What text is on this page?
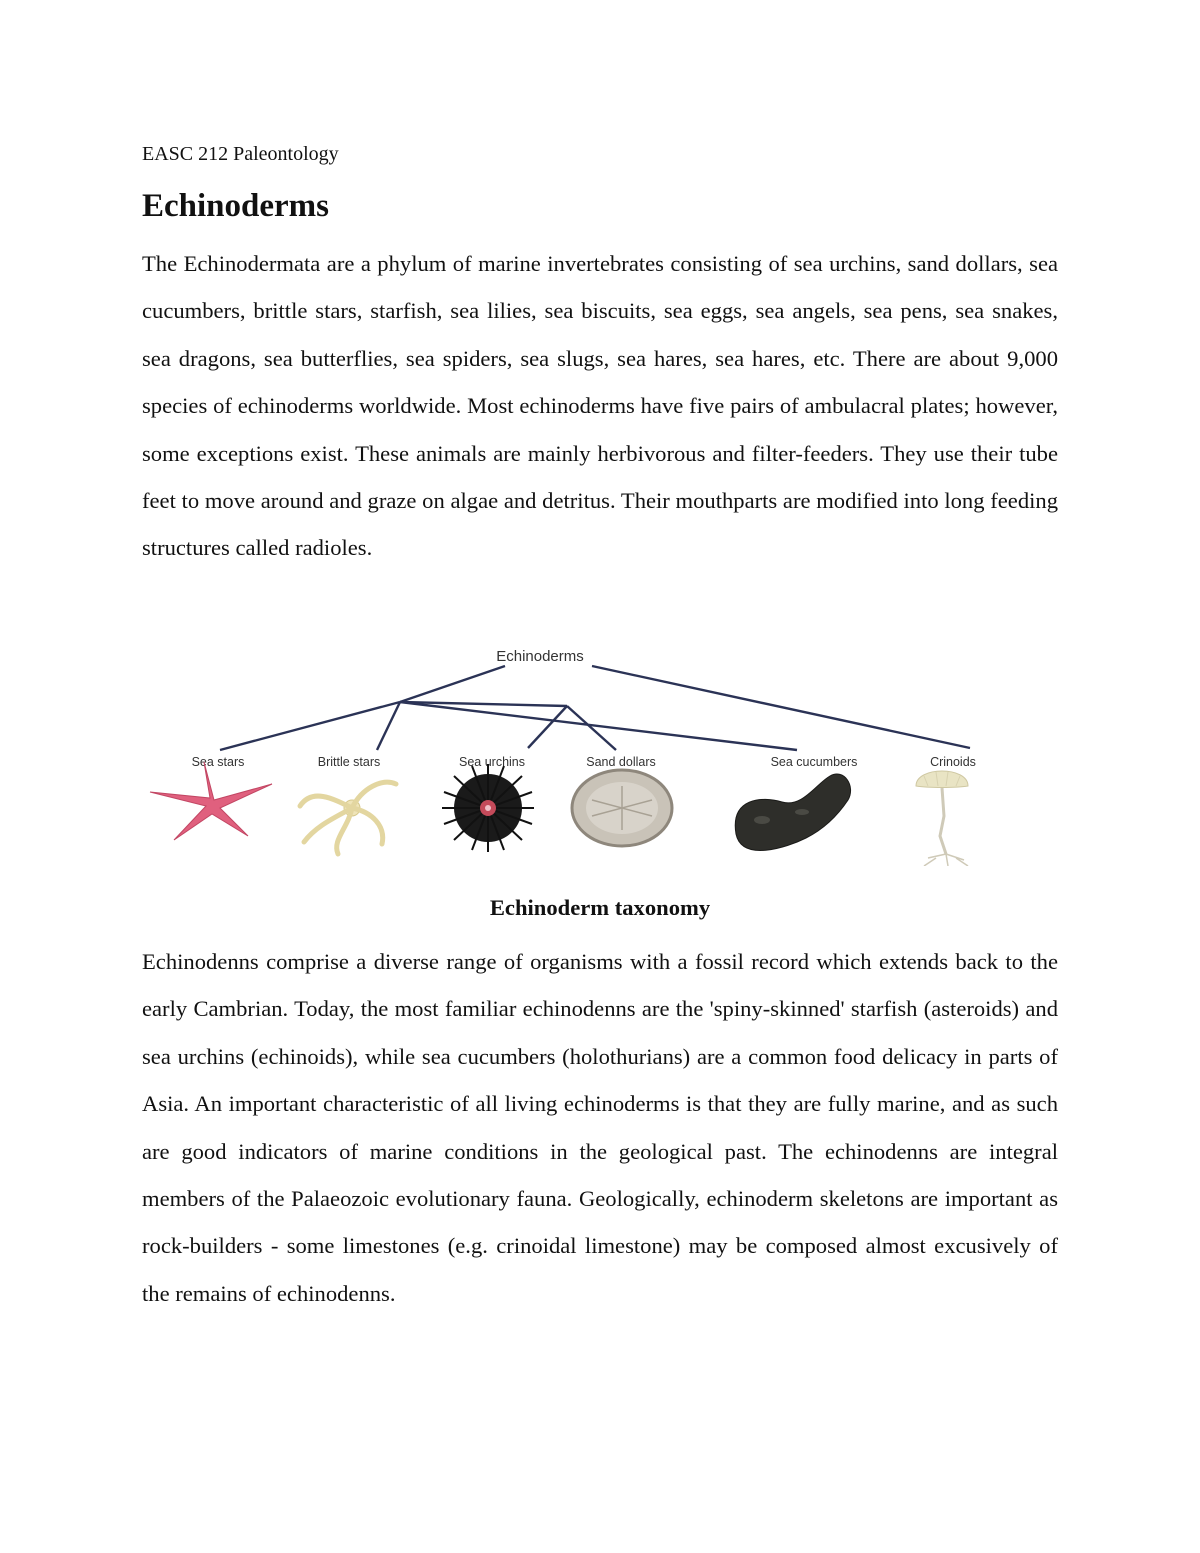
EASC 212 Paleontology
Echinoderms

The Echinodermata are a phylum of marine invertebrates consisting of sea urchins, sand dollars, sea cucumbers, brittle stars, starfish, sea lilies, sea biscuits, sea eggs, sea angels, sea pens, sea snakes, sea dragons, sea butterflies, sea spiders, sea slugs, sea hares, sea hares, etc. There are about 9,000 species of echinoderms worldwide. Most echinoderms have five pairs of ambulacral plates; however, some exceptions exist. These animals are mainly herbivorous and filter-feeders. They use their tube feet to move around and graze on algae and detritus. Their mouthparts are modified into long feeding structures called radioles.

Echinoderms
Sea stars	Brittle stars	Sea urchins	Sand dollars	Sea cucumbers	Crinoids
Echinoderm taxonomy

Echinodenns comprise a diverse range of organisms with a fossil record which extends back to the early Cambrian. Today, the most familiar echinodenns are the 'spiny-skinned' starfish (asteroids) and sea urchins (echinoids), while sea cucumbers (holothurians) are a common food delicacy in parts of Asia. An important characteristic of all living echinoderms is that they are fully marine, and as such are good indicators of marine conditions in the geological past. The echinodenns are integral members of the Palaeozoic evolutionary fauna. Geologically, echinoderm skeletons are important as rock-builders - some limestones (e.g. crinoidal limestone) may be composed almost excusively of the remains of echinodenns.
